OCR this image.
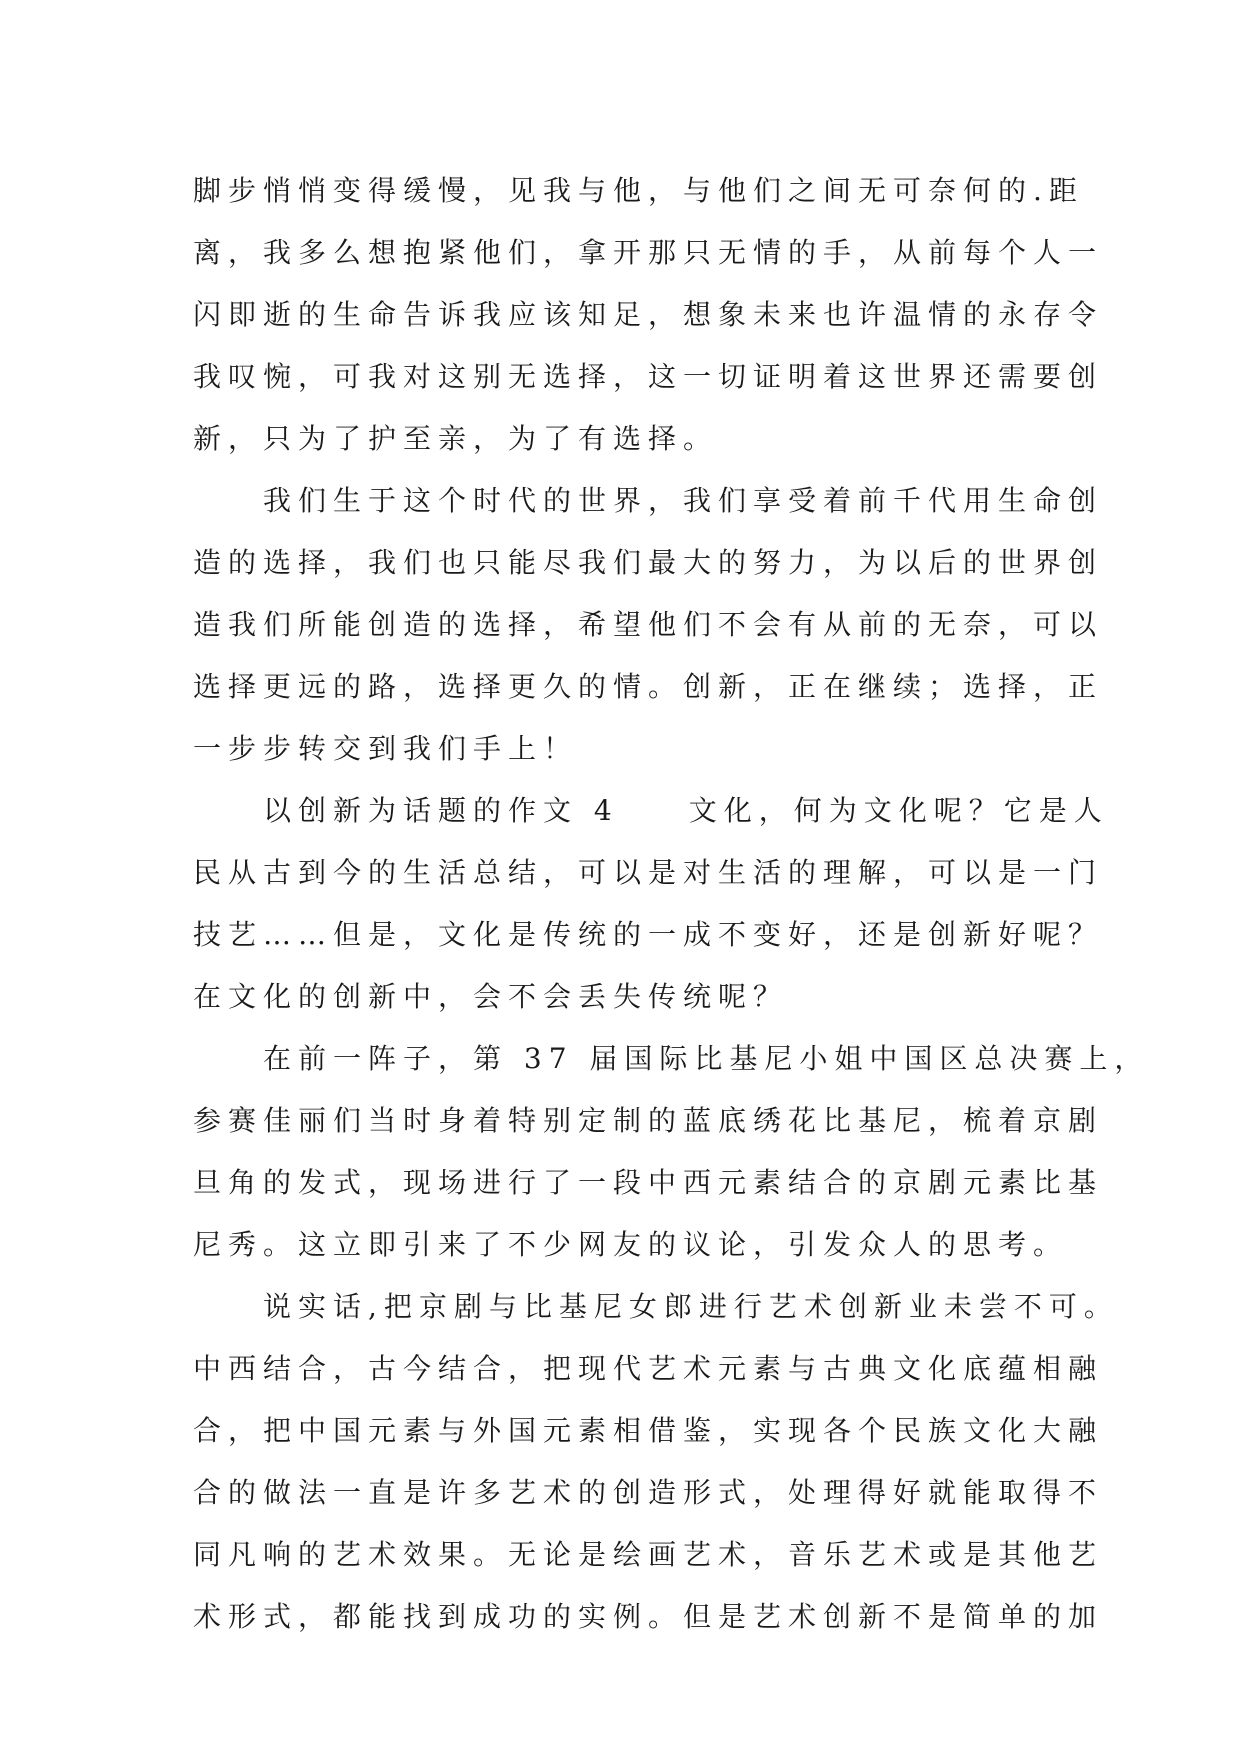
脚步悄悄变得缓慢，见我与他，与他们之间无可奈何的.距
离，我多么想抱紧他们，拿开那只无情的手，从前每个人一
闪即逝的生命告诉我应该知足，想象未来也许温情的永存令
我叹惋，可我对这别无选择，这一切证明着这世界还需要创
新，只为了护至亲，为了有选择。
我们生于这个时代的世界，我们享受着前千代用生命创
造的选择，我们也只能尽我们最大的努力，为以后的世界创
造我们所能创造的选择，希望他们不会有从前的无奈，可以
选择更远的路，选择更久的情。创新，正在继续；选择，正
一步步转交到我们手上！
以创新为话题的作文 4　　文化，何为文化呢？它是人
民从古到今的生活总结，可以是对生活的理解，可以是一门
技艺……但是，文化是传统的一成不变好，还是创新好呢？
在文化的创新中，会不会丢失传统呢？
在前一阵子，第 37 届国际比基尼小姐中国区总决赛上，
参赛佳丽们当时身着特别定制的蓝底绣花比基尼，梳着京剧
旦角的发式，现场进行了一段中西元素结合的京剧元素比基
尼秀。这立即引来了不少网友的议论，引发众人的思考。
说实话,把京剧与比基尼女郎进行艺术创新业未尝不可。
中西结合，古今结合，把现代艺术元素与古典文化底蕴相融
合，把中国元素与外国元素相借鉴，实现各个民族文化大融
合的做法一直是许多艺术的创造形式，处理得好就能取得不
同凡响的艺术效果。无论是绘画艺术，音乐艺术或是其他艺
术形式，都能找到成功的实例。但是艺术创新不是简单的加
